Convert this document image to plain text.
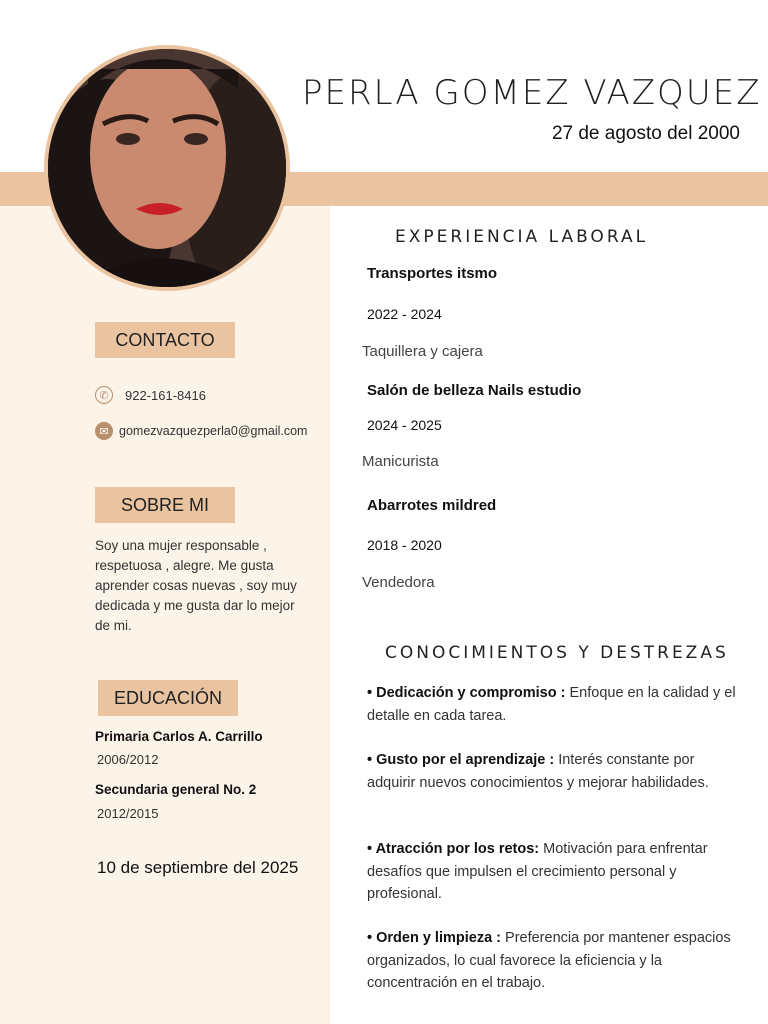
PERLA GOMEZ VAZQUEZ
27 de agosto del 2000
CONTACTO
✆	922-161-8416
✉ gomezvazquezperla0@gmail.com
SOBRE MI
Soy una mujer responsable , respetuosa , alegre. Me gusta aprender cosas nuevas , soy muy dedicada y me gusta dar lo mejor de mi.
EDUCACIÓN
Primaria Carlos A. Carrillo
2006/2012
Secundaria general No. 2
2012/2015
10 de septiembre del 2025
EXPERIENCIA LABORAL
Transportes itsmo
2022 - 2024
Taquillera y cajera
Salón de belleza Nails estudio
2024 - 2025
Manicurista
Abarrotes mildred
2018 - 2020
Vendedora
CONOCIMIENTOS Y DESTREZAS
• Dedicación y compromiso : Enfoque en la calidad y el detalle en cada tarea.
• Gusto por el aprendizaje : Interés constante por adquirir nuevos conocimientos y mejorar habilidades.
• Atracción por los retos: Motivación para enfrentar desafíos que impulsen el crecimiento personal y profesional.
• Orden y limpieza : Preferencia por mantener espacios organizados, lo cual favorece la eficiencia y la concentración en el trabajo.
